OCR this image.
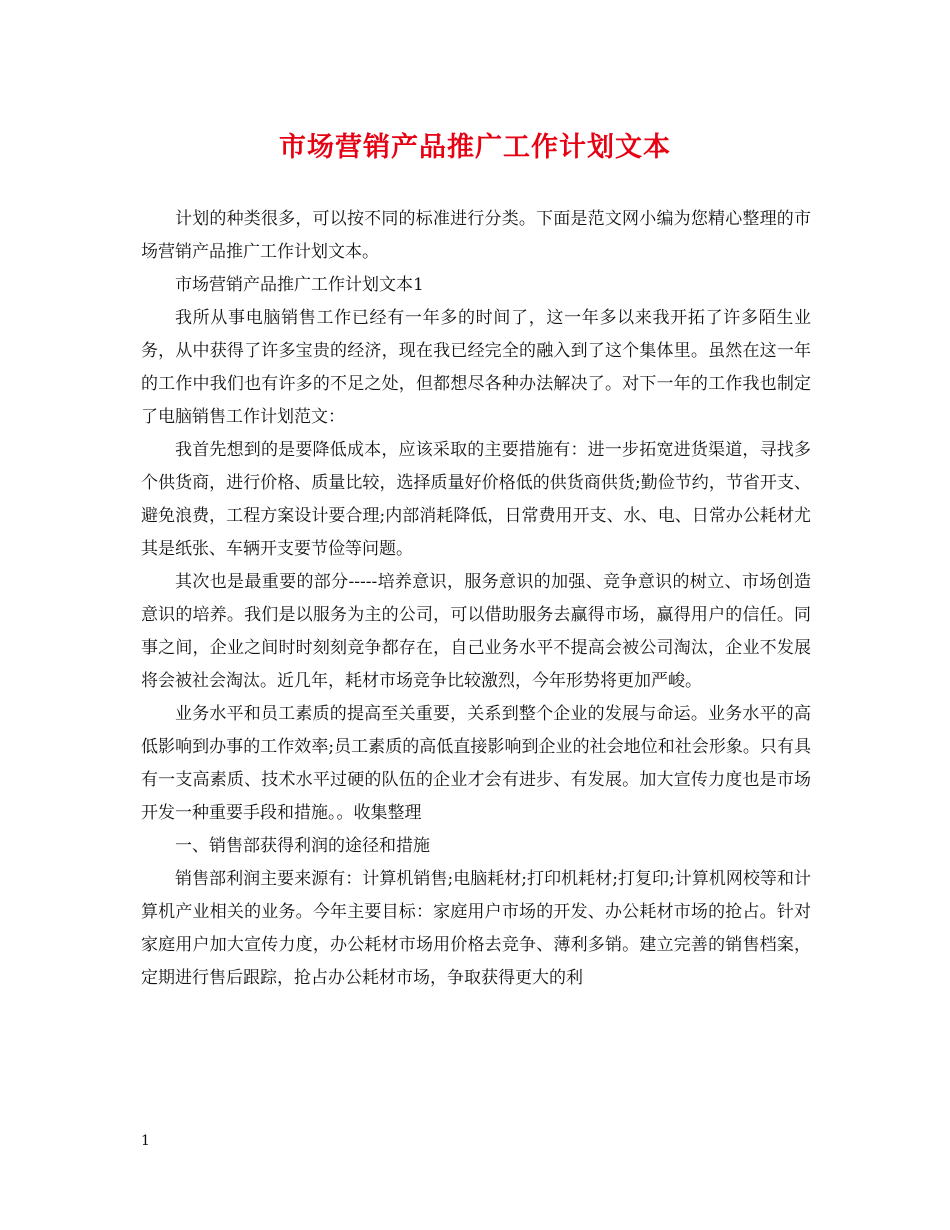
市场营销产品推广工作计划文本

计划的种类很多，可以按不同的标准进行分类。下面是范文网小编为您精心整理的市场营销产品推广工作计划文本。

市场营销产品推广工作计划文本1

我所从事电脑销售工作已经有一年多的时间了，这一年多以来我开拓了许多陌生业务，从中获得了许多宝贵的经济，现在我已经完全的融入到了这个集体里。虽然在这一年的工作中我们也有许多的不足之处，但都想尽各种办法解决了。对下一年的工作我也制定了电脑销售工作计划范文：

我首先想到的是要降低成本，应该采取的主要措施有：进一步拓宽进货渠道，寻找多个供货商，进行价格、质量比较，选择质量好价格低的供货商供货;勤俭节约，节省开支、避免浪费，工程方案设计要合理;内部消耗降低，日常费用开支、水、电、日常办公耗材尤其是纸张、车辆开支要节俭等问题。

其次也是最重要的部分-----培养意识，服务意识的加强、竞争意识的树立、市场创造意识的培养。我们是以服务为主的公司，可以借助服务去赢得市场，赢得用户的信任。同事之间，企业之间时时刻刻竞争都存在，自己业务水平不提高会被公司淘汰，企业不发展将会被社会淘汰。近几年，耗材市场竞争比较激烈，今年形势将更加严峻。

业务水平和员工素质的提高至关重要，关系到整个企业的发展与命运。业务水平的高低影响到办事的工作效率;员工素质的高低直接影响到企业的社会地位和社会形象。只有具有一支高素质、技术水平过硬的队伍的企业才会有进步、有发展。加大宣传力度也是市场开发一种重要手段和措施。。收集整理

一、销售部获得利润的途径和措施

销售部利润主要来源有：计算机销售;电脑耗材;打印机耗材;打复印;计算机网校等和计算机产业相关的业务。今年主要目标：家庭用户市场的开发、办公耗材市场的抢占。针对家庭用户加大宣传力度，办公耗材市场用价格去竞争、薄利多销。建立完善的销售档案，定期进行售后跟踪，抢占办公耗材市场，争取获得更大的利

1
